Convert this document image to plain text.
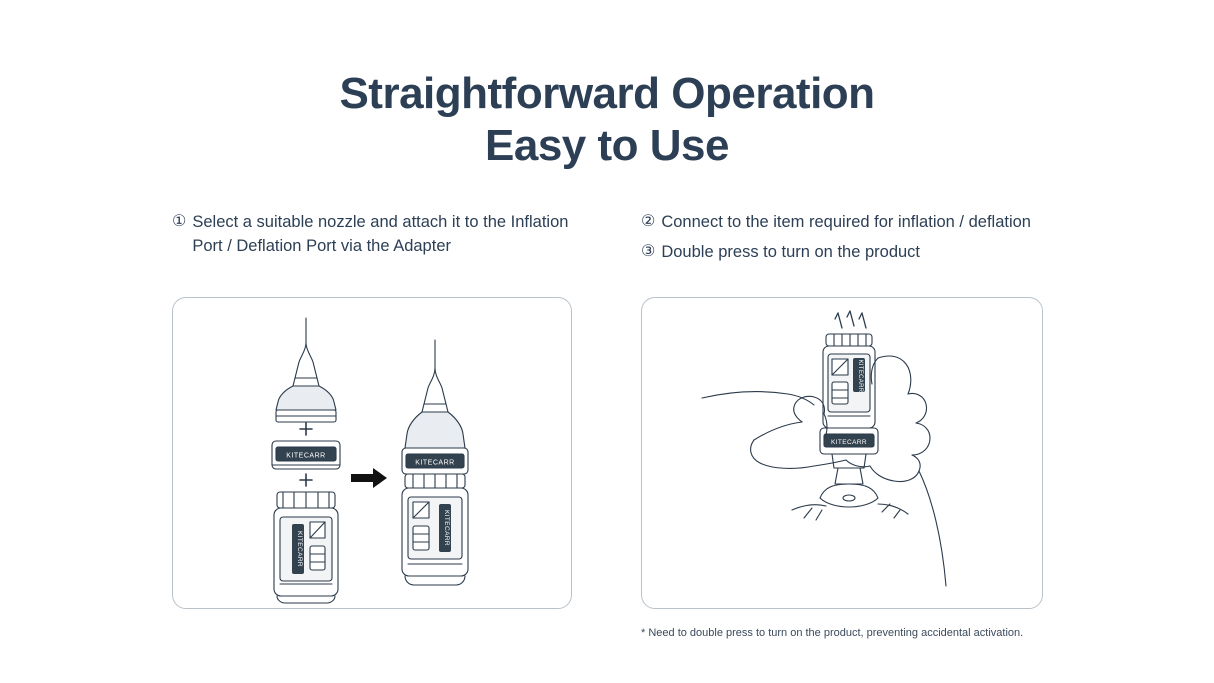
Straightforward Operation
Easy to Use
① Select a suitable nozzle and attach it to the Inflation Port / Deflation Port via the Adapter
② Connect to the item required for inflation / deflation
③ Double press to turn on the product
KITECARR
KITECARR
KITECARR
KITECARR
KITECARR
KITECARR
* Need to double press to turn on the product, preventing accidental activation.
